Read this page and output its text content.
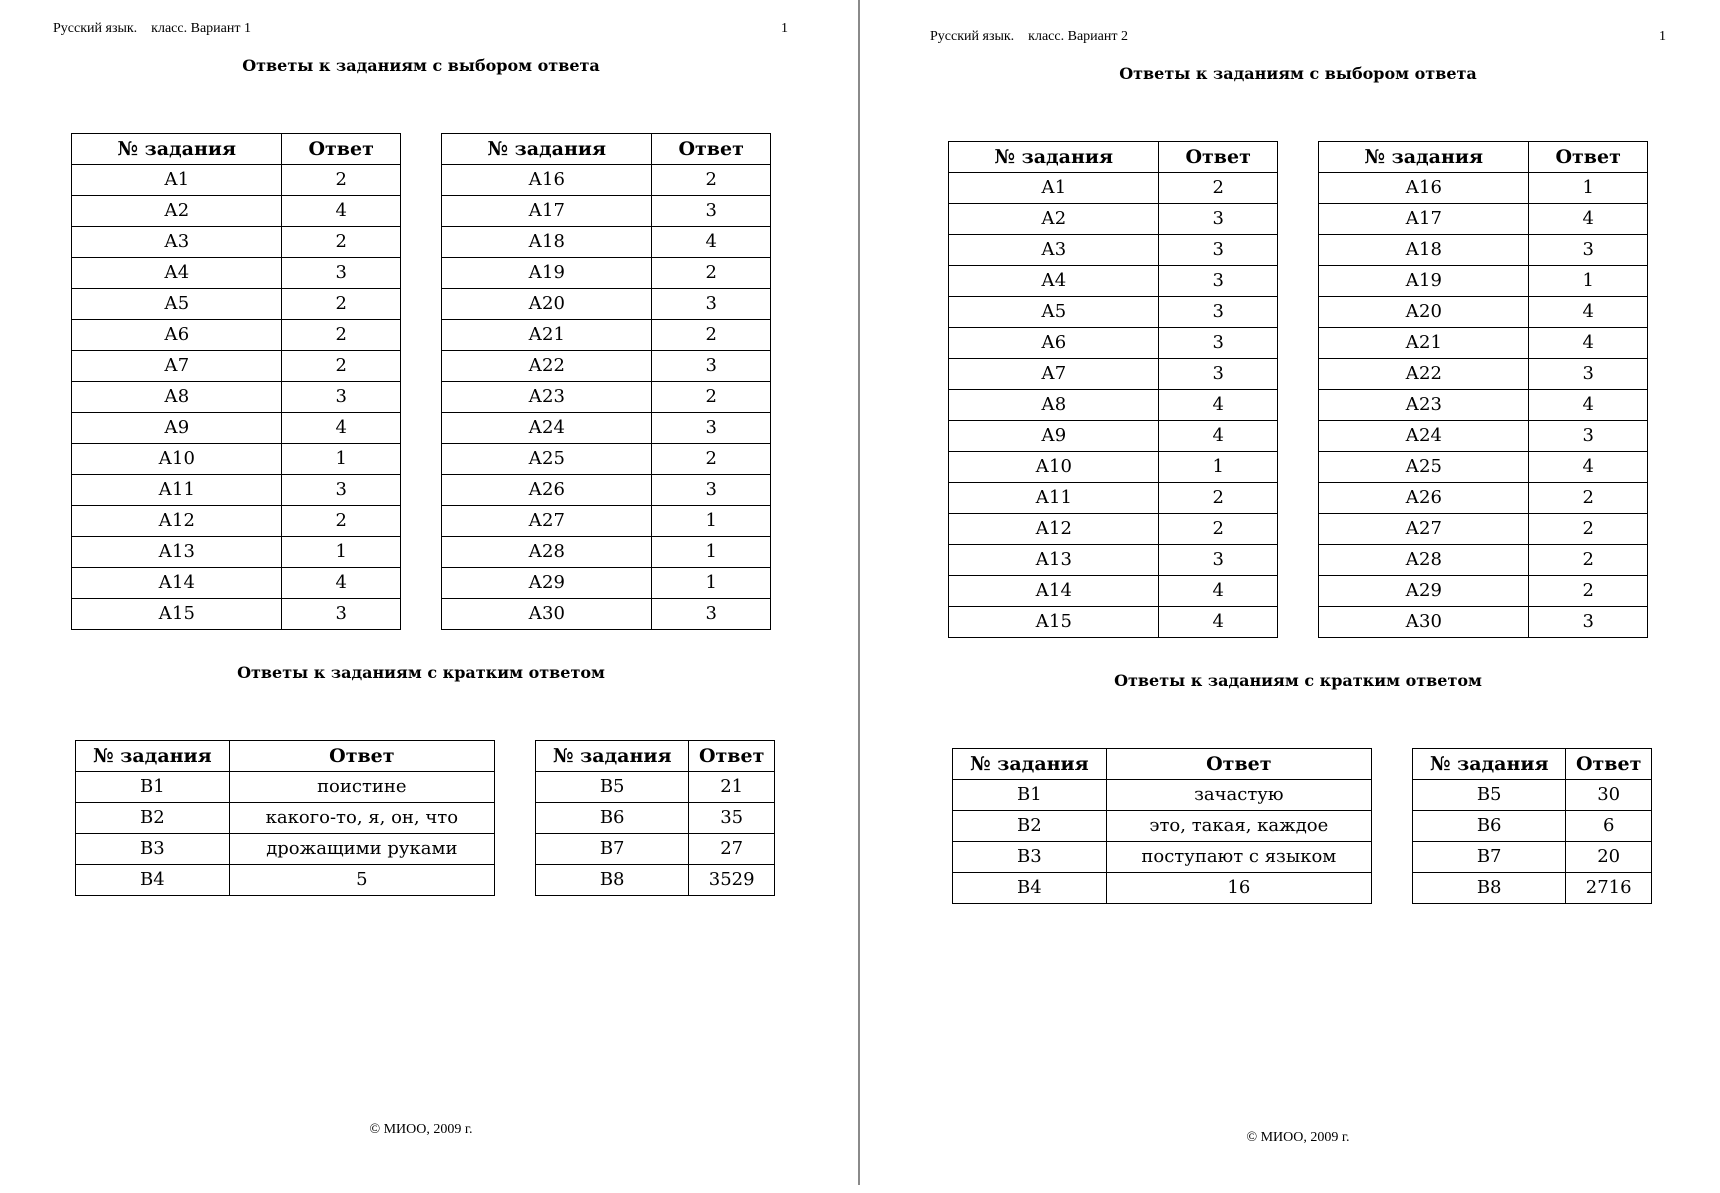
Русский язык.    класс. Вариант 1	1
Ответы к заданиям с выбором ответа
№ задания	Ответ
А1	2
А2	4
А3	2
А4	3
А5	2
А6	2
А7	2
А8	3
А9	4
А10	1
А11	3
А12	2
А13	1
А14	4
А15	3
№ задания	Ответ
А16	2
А17	3
А18	4
А19	2
А20	3
А21	2
А22	3
А23	2
А24	3
А25	2
А26	3
А27	1
А28	1
А29	1
А30	3
Ответы к заданиям с кратким ответом
№ задания	Ответ
В1	поистине
В2	какого-то, я, он, что
В3	дрожащими руками
В4	5
№ задания	Ответ
В5	21
В6	35
В7	27
В8	3529
© МИОО, 2009 г.
Русский язык.    класс. Вариант 2	1
Ответы к заданиям с выбором ответа
№ задания	Ответ
А1	2
А2	3
А3	3
А4	3
А5	3
А6	3
А7	3
А8	4
А9	4
А10	1
А11	2
А12	2
А13	3
А14	4
А15	4
№ задания	Ответ
А16	1
А17	4
А18	3
А19	1
А20	4
А21	4
А22	3
А23	4
А24	3
А25	4
А26	2
А27	2
А28	2
А29	2
А30	3
Ответы к заданиям с кратким ответом
№ задания	Ответ
В1	зачастую
В2	это, такая, каждое
В3	поступают с языком
В4	16
№ задания	Ответ
В5	30
В6	6
В7	20
В8	2716
© МИОО, 2009 г.
